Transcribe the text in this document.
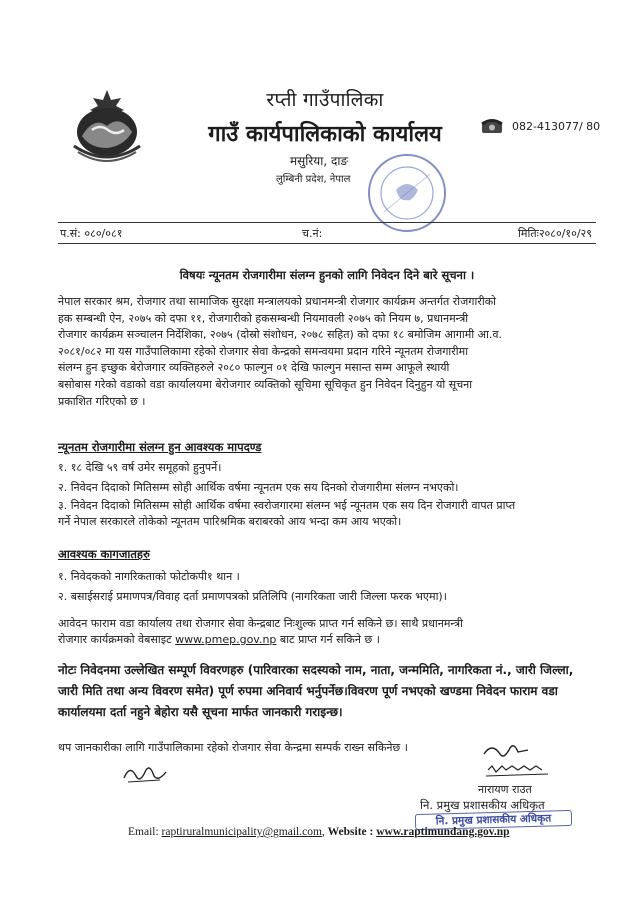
रप्ती गाउँपालिका
गाउँ कार्यपालिकाको कार्यालय
मसुरिया, दाङ
लुम्बिनी प्रदेश, नेपाल
082-413077/ 80
प.सं: ०८०/०८१	च.नं:	मितिः२०८०/१०/२९
विषयः न्यूनतम रोजगारीमा संलग्न हुनको लागि निवेदन दिने बारे सूचना ।
नेपाल सरकार श्रम, रोजगार तथा सामाजिक सुरक्षा मन्त्रालयको प्रधानमन्त्री रोजगार कार्यक्रम अन्तर्गत रोजगारीको
हक सम्बन्धी ऐन, २०७५ को दफा ११, रोजगारीको हकसम्बन्धी नियमावली २०७५ को नियम ७, प्रधानमन्त्री
रोजगार कार्यक्रम सञ्चालन निर्देशिका, २०७५ (दोस्रो संशोधन, २०७८ सहित) को दफा १८ बमोजिम आगामी आ.व.
२०८१/०८२ मा यस गाउँपालिकामा रहेको रोजगार सेवा केन्द्रको समन्वयमा प्रदान गरिने न्यूनतम रोजगारीमा
संलग्न हुन इच्छुक बेरोजगार व्यक्तिहरुले २०८० फाल्गुन ०१ देखि फाल्गुन मसान्त सम्म आफूले स्थायी
बसोबास गरेको वडाको वडा कार्यालयमा बेरोजगार व्यक्तिको सूचिमा सूचिकृत हुन निवेदन दिनुहुन यो सूचना
प्रकाशित गरिएको छ ।
न्यूनतम रोजगारीमा संलग्न हुन आवश्यक मापदण्ड
१. १८ देखि ५९ वर्ष उमेर समूहको हुनुपर्ने।
२. निवेदन दिदाको मितिसम्म सोही आर्थिक वर्षमा न्यूनतम एक सय दिनको रोजगारीमा संलग्न नभएको।
३. निवेदन दिदाको मितिसम्म सोही आर्थिक वर्षमा स्वरोजगारमा संलग्न भई न्यूनतम एक सय दिन रोजगारी वापत प्राप्त
गर्ने नेपाल सरकारले तोकेको न्यूनतम पारिश्रमिक बराबरको आय भन्दा कम आय भएको।
आवश्यक कागजातहरु
१. निवेदकको नागरिकताको फोटोकपी१ थान ।
२. बसाईसराई प्रमाणपत्र/विवाह दर्ता प्रमाणपत्रको प्रतिलिपि (नागरिकता जारी जिल्ला फरक भएमा)।
आवेदन फाराम वडा कार्यालय तथा रोजगार सेवा केन्द्रबाट निःशुल्क प्राप्त गर्न सकिने छ। साथै प्रधानमन्त्री
रोजगार कार्यक्रमको वेबसाइट www.pmep.gov.np बाट प्राप्त गर्न सकिने छ ।
नोटः निवेदनमा उल्लेखित सम्पूर्ण विवरणहरु (पारिवारका सदस्यको नाम, नाता, जन्ममिति, नागरिकता नं., जारी जिल्ला,
जारी मिति तथा अन्य विवरण समेत) पूर्ण रुपमा अनिवार्य भर्नुपर्नेछ।विवरण पूर्ण नभएको खण्डमा निवेदन फाराम वडा
कार्यालयमा दर्ता नहुने बेहोरा यसै सूचना मार्फत जानकारी गराइन्छ।
थप जानकारीका लागि गाउँपालिकामा रहेको रोजगार सेवा केन्द्रमा सम्पर्क राख्न सकिनेछ ।
नारायण राउत
नि. प्रमुख प्रशासकीय अधिकृत
नि. प्रमुख प्रशासकीय अधिकृत
Email: raptiruralmunicipality@gmail.com, Website : www.raptimundang.gov.np
